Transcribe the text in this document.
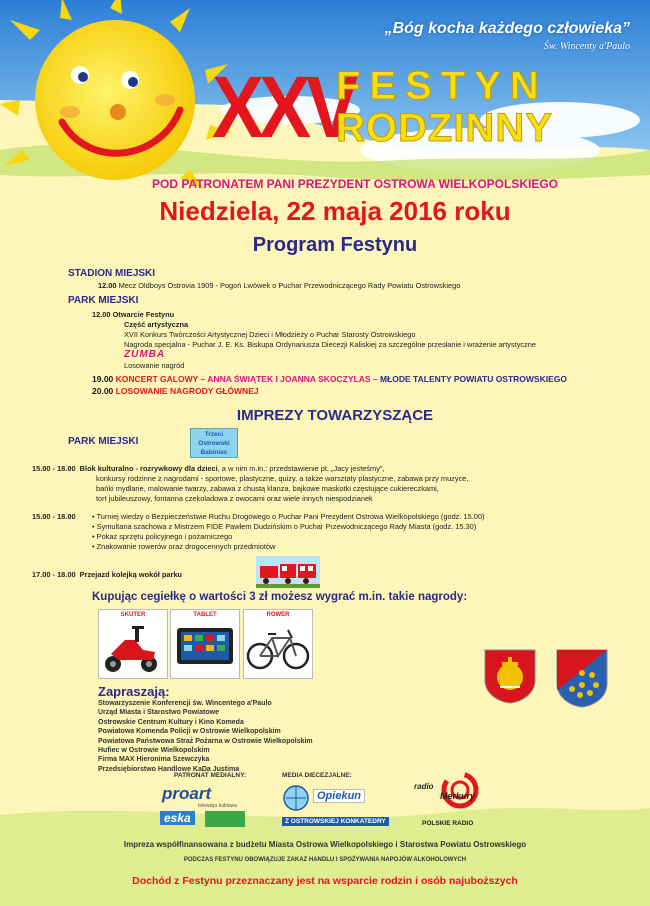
„Bóg kocha każdego człowieka”
Św. Wincenty a'Paulo
XXV
FESTYN
RODZINNY
POD PATRONATEM PANI PREZYDENT OSTROWA WIELKOPOLSKIEGO
Niedziela, 22 maja 2016 roku
Program Festynu
STADION MIEJSKI
12.00 Mecz Oldboys Ostrovia 1909 - Pogoń Lwówek o Puchar Przewodniczącego Rady Powiatu Ostrowskiego
PARK MIEJSKI
12.00 Otwarcie Festynu
Część artystyczna
XVII Konkurs Twórczości Artystycznej Dzieci i Młodzieży o Puchar Starosty Ostrowskiego
Nagroda specjalna - Puchar J. E. Ks. Biskupa Ordynariusza Diecezji Kaliskiej za szczególne przesłanie i wrażenie artystyczne
ZUMBA
Losowanie nagród
19.00 KONCERT GALOWY – ANNA ŚWIĄTEK I JOANNA SKOCZYLAS – MŁODE TALENTY POWIATU OSTROWSKIEGO
20.00 LOSOWANIE NAGRODY GŁÓWNEJ
IMPREZY TOWARZYSZĄCE
PARK MIEJSKI
Trzeci
Ostrowski
Babiniec
15.00 - 18.00 Blok kulturalno - rozrywkowy dla dzieci, a w nim m.in.: przedstawienie pt. „Jacy jesteśmy”,
konkursy rodzinne z nagrodami - sportowe, plastyczne, quizy, a także warsztaty plastyczne, zabawa przy muzyce,
bańki mydlane, malowanie twarzy, zabawa z chustą klanza, bajkowe maskotki częstujące cukiereczkami,
tort jubileuszowy, fontanna czekoladowa z owocami oraz wiele innych niespodzianek
15.00 - 18.00 • Turniej wiedzy o Bezpieczeństwie Ruchu Drogowego o Puchar Pani Prezydent Ostrowa Wielkopolskiego (godz. 15.00)
• Symultana szachowa z Mistrzem FIDE Pawłem Dudzińskim o Puchar Przewodniczącego Rady Miasta (godz. 15.30)
• Pokaz sprzętu policyjnego i pożarniczego
• Znakowanie rowerów oraz drogocennych przedmiotów
17.00 - 18.00 Przejazd kolejką wokół parku
Kupując cegiełkę o wartości 3 zł możesz wygrać m.in. takie nagrody:
SKUTER	TABLET	ROWER
Zapraszają:
Stowarzyszenie Konferencji św. Wincentego a'Paulo
Urząd Miasta i Starostwo Powiatowe
Ostrowskie Centrum Kultury i Kino Komeda
Powiatowa Komenda Policji w Ostrowie Wielkopolskim
Powiatowa Państwowa Straż Pożarna w Ostrowie Wielkopolskim
Hufiec w Ostrowie Wielkopolskim
Firma MAX Hieronima Szewczyka
Przedsiębiorstwo Handlowe KaDa Justima
PATRONAT MEDIALNY:	MEDIA DIECEZJALNE:
proart
telewizja kablowa
eska
Opiekun
Z OSTROWSKIEJ KONKATEDRY
radio
Merkury
POLSKIE RADIO
Impreza współfinansowana z budżetu Miasta Ostrowa Wielkopolskiego i Starostwa Powiatu Ostrowskiego
PODCZAS FESTYNU OBOWIĄZUJE ZAKAZ HANDLU I SPOŻYWANIA NAPOJÓW ALKOHOLOWYCH
Dochód z Festynu przeznaczany jest na wsparcie rodzin i osób najuboższych
